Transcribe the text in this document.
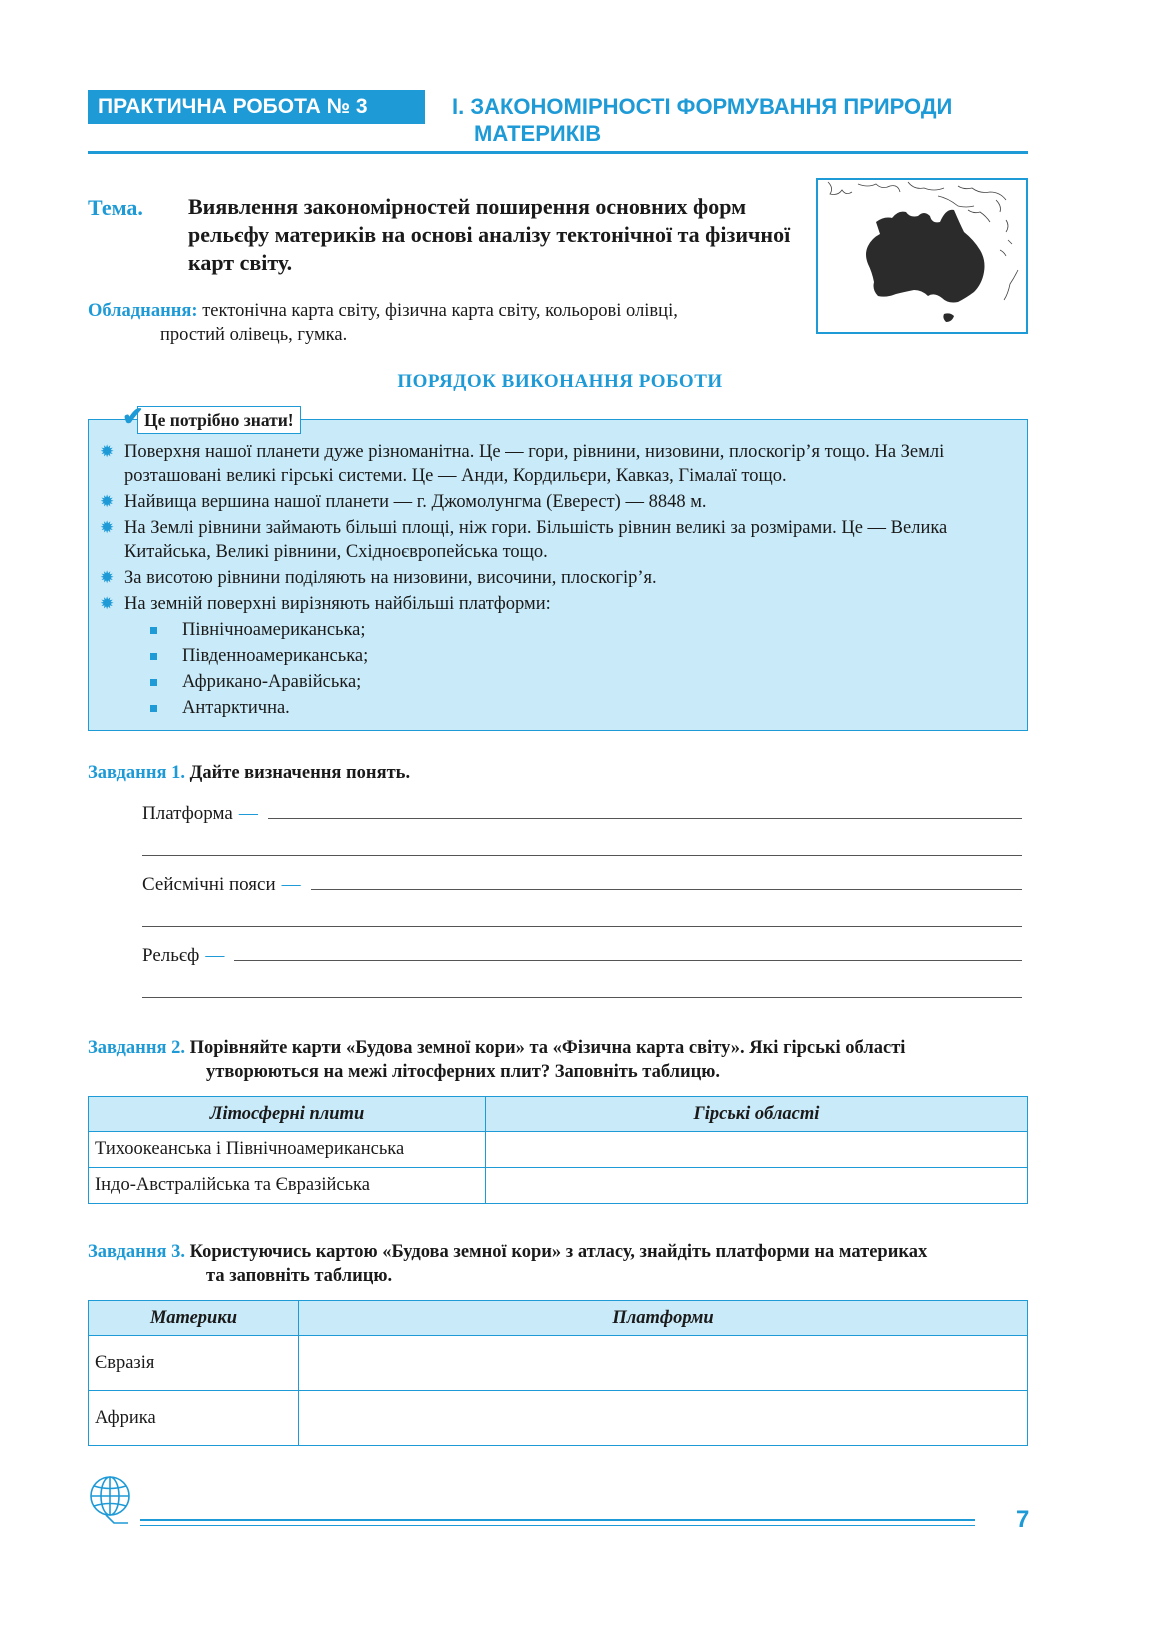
ПРАКТИЧНА РОБОТА № 3	І. ЗАКОНОМІРНОСТІ ФОРМУВАННЯ ПРИРОДИ
МАТЕРИКІВ
Тема. Виявлення закономірностей поширення основних форм рельєфу материків на основі аналізу тектонічної та фізичної карт світу.
Обладнання: тектонічна карта світу, фізична карта світу, кольорові олівці,
простий олівець, гумка.
ПОРЯДОК ВИКОНАННЯ РОБОТИ
Це потрібно знати!
✔
✹ Поверхня нашої планети дуже різноманітна. Це — гори, рівнини, низовини, плоскогір’я тощо. На Землі розташовані великі гірські системи. Це — Анди, Кордильєри, Кавказ, Гімалаї тощо.
✹ Найвища вершина нашої планети — г. Джомолунгма (Еверест) — 8848 м.
✹ На Землі рівнини займають більші площі, ніж гори. Більшість рівнин великі за розмірами. Це — Велика Китайська, Великі рівнини, Східноєвропейська тощо.
✹ За висотою рівнини поділяють на низовини, височини, плоскогір’я.
✹ На земній поверхні вирізняють найбільші платформи:
Північноамериканська;
Південноамериканська;
Африкано-Аравійська;
Антарктична.
Завдання 1. Дайте визначення понять.
Платформа —
Сейсмічні пояси —
Рельєф —
Завдання 2. Порівняйте карти «Будова земної кори» та «Фізична карта світу». Які гірські області
утворюються на межі літосферних плит? Заповніть таблицю.
Літосферні плити	Гірські області
Тихоокеанська і Північноамериканська	
Індо-Австралійська та Євразійська	
Завдання 3. Користуючись картою «Будова земної кори» з атласу, знайдіть платформи на материках
та заповніть таблицю.
Материки	Платформи
Євразія	
Африка	
7
